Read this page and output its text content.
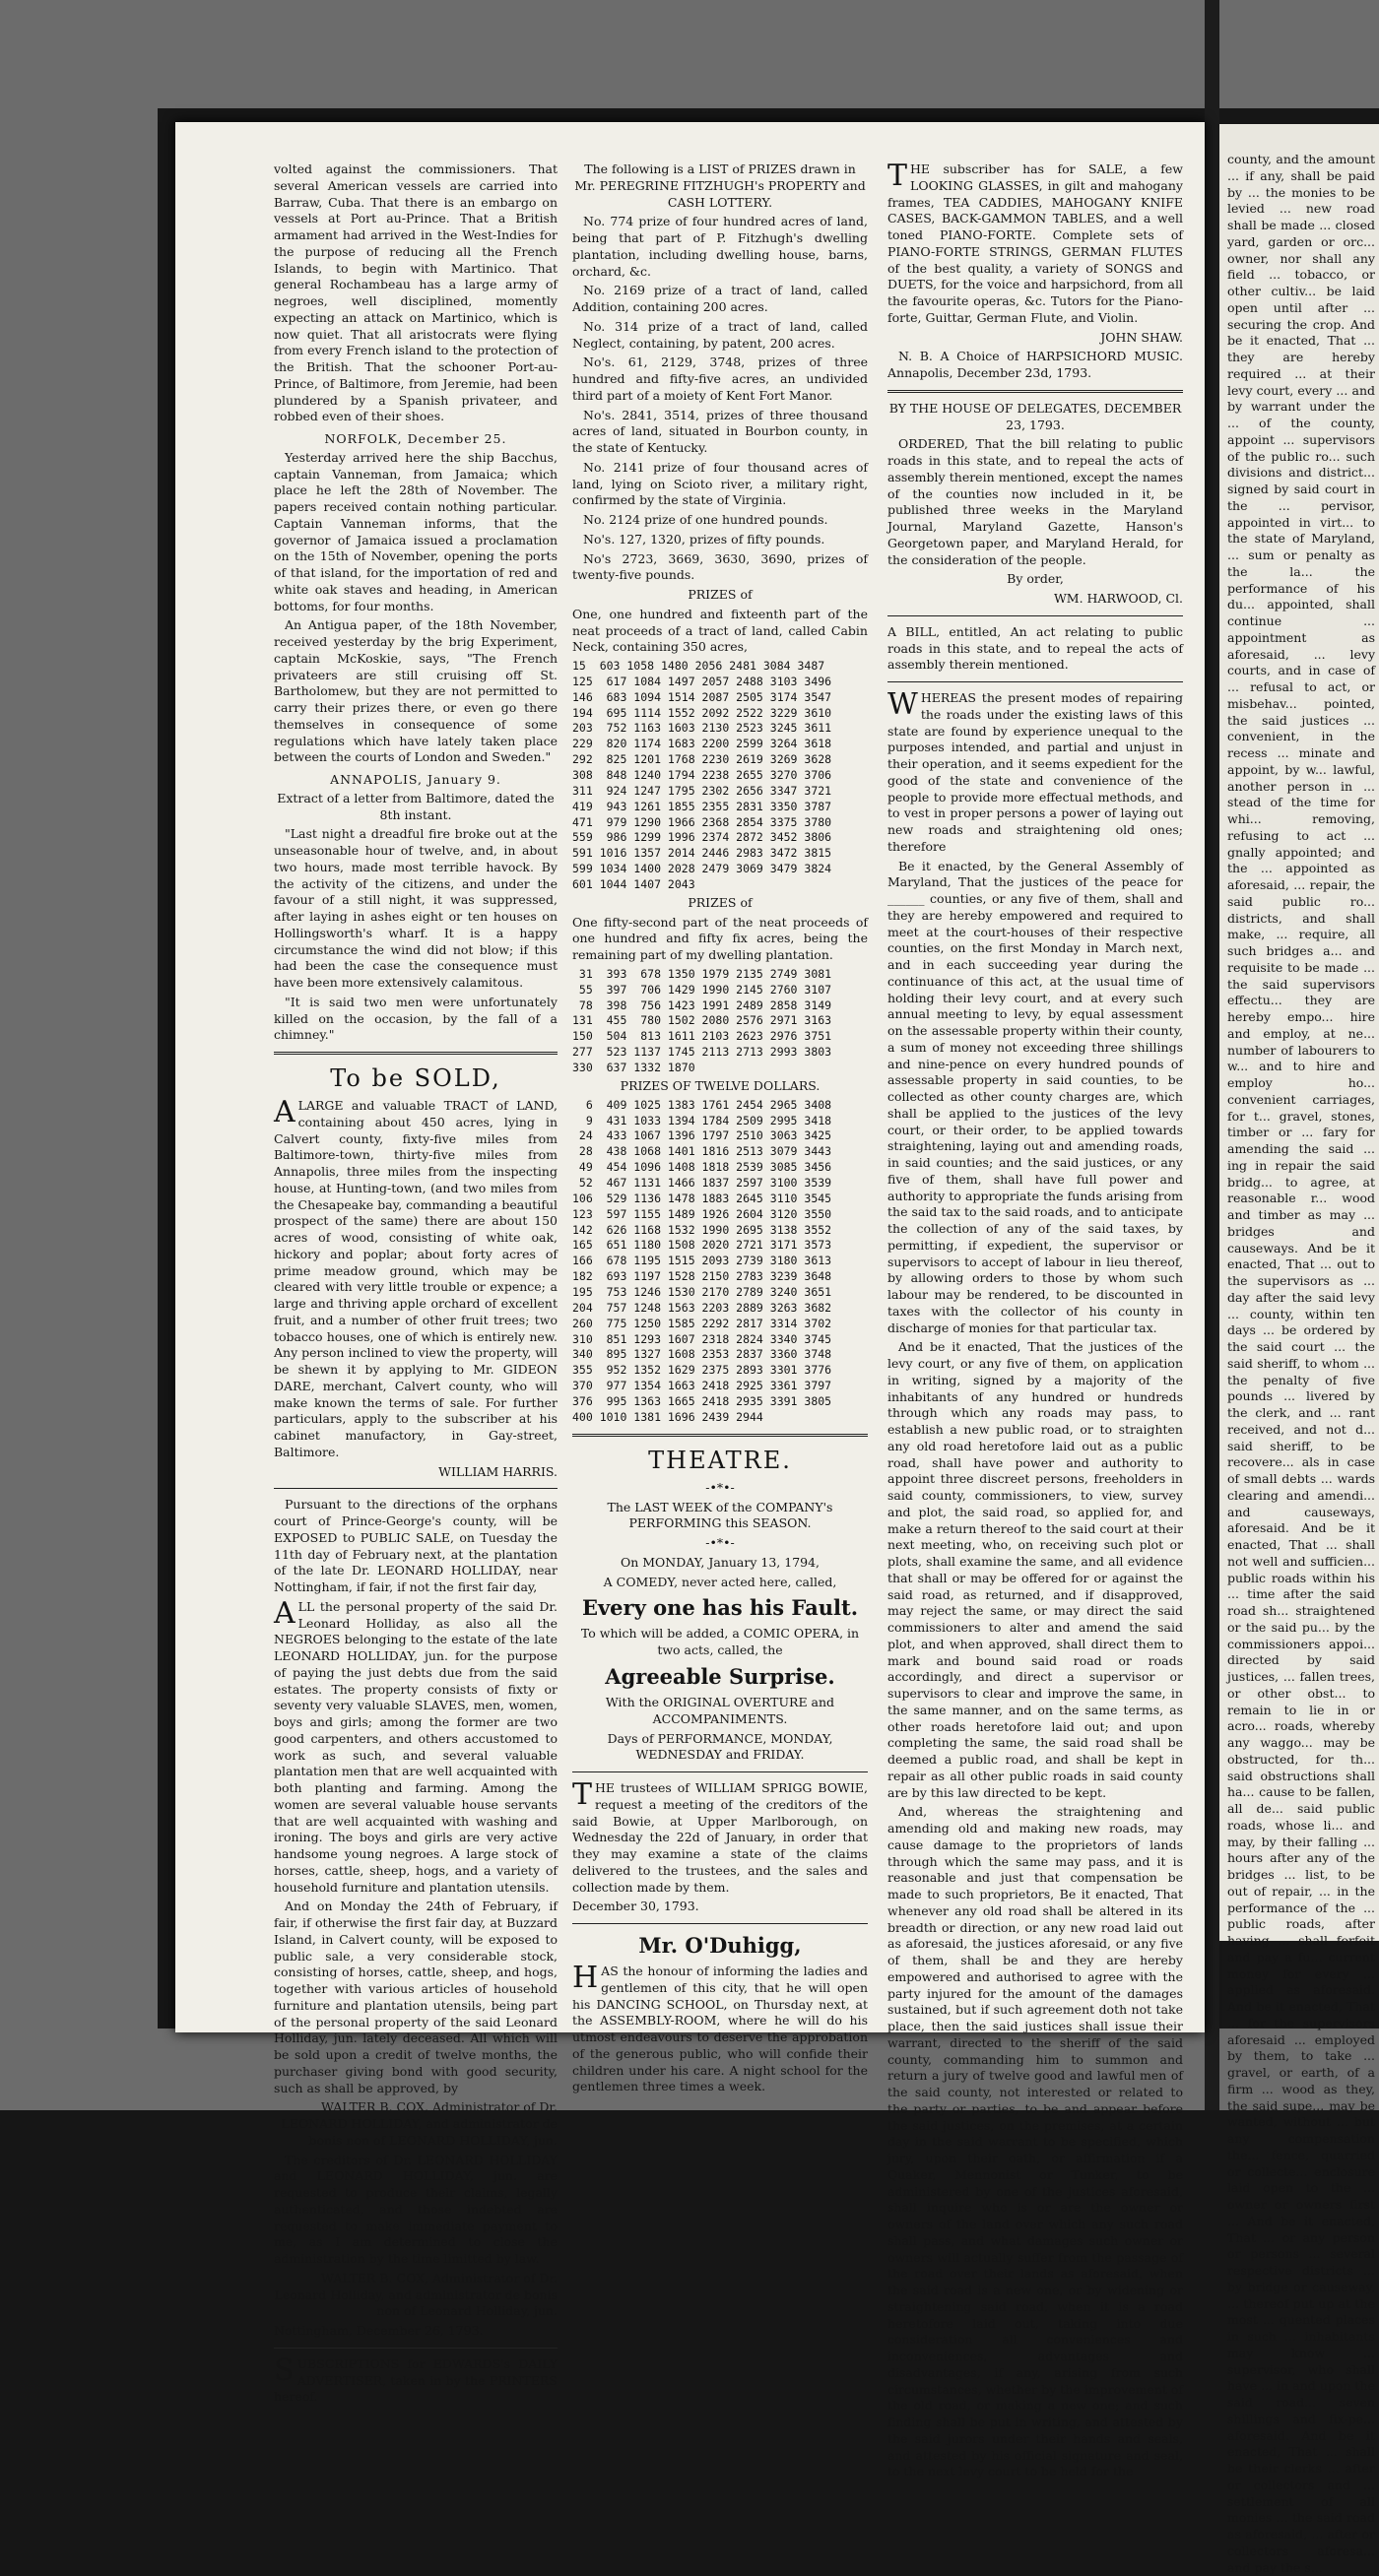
volted against the commissioners. That several American vessels are carried into Barraw, Cuba. That there is an embargo on vessels at Port au-Prince. That a British armament had arrived in the West-Indies for the purpose of reducing all the French Islands, to begin with Martinico. That general Rochambeau has a large army of negroes, well disciplined, momently expecting an attack on Martinico, which is now quiet. That all aristocrats were flying from every French island to the protection of the British. That the schooner Port-au-Prince, of Baltimore, from Jeremie, had been plundered by a Spanish privateer, and robbed even of their shoes.

NORFOLK, December 25.

Yesterday arrived here the ship Bacchus, captain Vanneman, from Jamaica; which place he left the 28th of November. The papers received contain nothing particular. Captain Vanneman informs, that the governor of Jamaica issued a proclamation on the 15th of November, opening the ports of that island, for the importation of red and white oak staves and heading, in American bottoms, for four months.

An Antigua paper, of the 18th November, received yesterday by the brig Experiment, captain McKoskie, says, "The French privateers are still cruising off St. Bartholomew, but they are not permitted to carry their prizes there, or even go there themselves in consequence of some regulations which have lately taken place between the courts of London and Sweden."

ANNAPOLIS, January 9.

Extract of a letter from Baltimore, dated the 8th instant.

"Last night a dreadful fire broke out at the unseasonable hour of twelve, and, in about two hours, made most terrible havock. By the activity of the citizens, and under the favour of a still night, it was suppressed, after laying in ashes eight or ten houses on Hollingsworth's wharf. It is a happy circumstance the wind did not blow; if this had been the case the consequence must have been more extensively calamitous.

"It is said two men were unfortunately killed on the occasion, by the fall of a chimney."

To be SOLD,

ALARGE and valuable TRACT of LAND, containing about 450 acres, lying in Calvert county, fixty-five miles from Baltimore-town, thirty-five miles from Annapolis, three miles from the inspecting house, at Hunting-town, (and two miles from the Chesapeake bay, commanding a beautiful prospect of the same) there are about 150 acres of wood, consisting of white oak, hickory and poplar; about forty acres of prime meadow ground, which may be cleared with very little trouble or expence; a large and thriving apple orchard of excellent fruit, and a number of other fruit trees; two tobacco houses, one of which is entirely new. Any person inclined to view the property, will be shewn it by applying to Mr. GIDEON DARE, merchant, Calvert county, who will make known the terms of sale. For further particulars, apply to the subscriber at his cabinet manufactory, in Gay-street, Baltimore.

WILLIAM HARRIS.

Pursuant to the directions of the orphans court of Prince-George's county, will be EXPOSED to PUBLIC SALE, on Tuesday the 11th day of February next, at the plantation of the late Dr. LEONARD HOLLIDAY, near Nottingham, if fair, if not the first fair day,

ALL the personal property of the said Dr. Leonard Holliday, as also all the NEGROES belonging to the estate of the late LEONARD HOLLIDAY, jun. for the purpose of paying the just debts due from the said estates. The property consists of fixty or seventy very valuable SLAVES, men, women, boys and girls; among the former are two good carpenters, and others accustomed to work as such, and several valuable plantation men that are well acquainted with both planting and farming. Among the women are several valuable house servants that are well acquainted with washing and ironing. The boys and girls are very active handsome young negroes. A large stock of horses, cattle, sheep, hogs, and a variety of household furniture and plantation utensils.

And on Monday the 24th of February, if fair, if otherwise the first fair day, at Buzzard Island, in Calvert county, will be exposed to public sale, a very considerable stock, consisting of horses, cattle, sheep, and hogs, together with various articles of household furniture and plantation utensils, being part of the personal property of the said Leonard Holliday, jun. lately deceased. All which will be sold upon a credit of twelve months, the purchaser giving bond with good security, such as shall be approved, by

WALTER B. COX, Administrator of Dr. LEONARD HOLLIDAY, and administrator de bonis non of LEONARD HOLLIDAY, jun.

The creditors of Dr. LEONARD HOLLIDAY and LEONARD HOLLIDAY, jun. are requested to produce their claims, legally authenticated, and those indebted are requested to make immediate payment to me, as I am determined to close the administration by the time limitted by law.

WALTER B. COX, Administrator of Dr. Leonard Holliday, and administrator de bonis non of Leonard Holliday, jun.

Nottingham, December 26, 1793.

SUBSCRIPTIONS for EDWARDS's DAILY ADVERTISER, taken in by the PRINTERS hereof.

The following is a LIST of PRIZES drawn in Mr. PEREGRINE FITZHUGH's PROPERTY and CASH LOTTERY.

No. 774 prize of four hundred acres of land, being that part of P. Fitzhugh's dwelling plantation, including dwelling house, barns, orchard, &c.

No. 2169 prize of a tract of land, called Addition, containing 200 acres.

No. 314 prize of a tract of land, called Neglect, containing, by patent, 200 acres.

No's. 61, 2129, 3748, prizes of three hundred and fifty-five acres, an undivided third part of a moiety of Kent Fort Manor.

No's. 2841, 3514, prizes of three thousand acres of land, situated in Bourbon county, in the state of Kentucky.

No. 2141 prize of four thousand acres of land, lying on Scioto river, a military right, confirmed by the state of Virginia.

No. 2124 prize of one hundred pounds.

No's. 127, 1320, prizes of fifty pounds.

No's 2723, 3669, 3630, 3690, prizes of twenty-five pounds.

PRIZES of

One, one hundred and fixteenth part of the neat proceeds of a tract of land, called Cabin Neck, containing 350 acres,

15  603 1058 1480 2056 2481 3084 3487
125  617 1084 1497 2057 2488 3103 3496
146  683 1094 1514 2087 2505 3174 3547
194  695 1114 1552 2092 2522 3229 3610
203  752 1163 1603 2130 2523 3245 3611
229  820 1174 1683 2200 2599 3264 3618
292  825 1201 1768 2230 2619 3269 3628
308  848 1240 1794 2238 2655 3270 3706
311  924 1247 1795 2302 2656 3347 3721
419  943 1261 1855 2355 2831 3350 3787
471  979 1290 1966 2368 2854 3375 3780
559  986 1299 1996 2374 2872 3452 3806
591 1016 1357 2014 2446 2983 3472 3815
599 1034 1400 2028 2479 3069 3479 3824
601 1044 1407 2043

PRIZES of

One fifty-second part of the neat proceeds of one hundred and fifty fix acres, being the remaining part of my dwelling plantation.

31  393  678 1350 1979 2135 2749 3081
55  397  706 1429 1990 2145 2760 3107
78  398  756 1423 1991 2489 2858 3149
131  455  780 1502 2080 2576 2971 3163
150  504  813 1611 2103 2623 2976 3751
277  523 1137 1745 2113 2713 2993 3803
330  637 1332 1870

PRIZES OF TWELVE DOLLARS.

6  409 1025 1383 1761 2454 2965 3408
9  431 1033 1394 1784 2509 2995 3418
24  433 1067 1396 1797 2510 3063 3425
28  438 1068 1401 1816 2513 3079 3443
49  454 1096 1408 1818 2539 3085 3456
52  467 1131 1466 1837 2597 3100 3539
106  529 1136 1478 1883 2645 3110 3545
123  597 1155 1489 1926 2604 3120 3550
142  626 1168 1532 1990 2695 3138 3552
165  651 1180 1508 2020 2721 3171 3573
166  678 1195 1515 2093 2739 3180 3613
182  693 1197 1528 2150 2783 3239 3648
195  753 1246 1530 2170 2789 3240 3651
204  757 1248 1563 2203 2889 3263 3682
260  775 1250 1585 2292 2817 3314 3702
310  851 1293 1607 2318 2824 3340 3745
340  895 1327 1608 2353 2837 3360 3748
355  952 1352 1629 2375 2893 3301 3776
370  977 1354 1663 2418 2925 3361 3797
376  995 1363 1665 2418 2935 3391 3805
400 1010 1381 1696 2439 2944

THEATRE.

-•*•-

The LAST WEEK of the COMPANY's PERFORMING this SEASON.

-•*•-

On MONDAY, January 13, 1794,

A COMEDY, never acted here, called,

Every one has his Fault.

To which will be added, a COMIC OPERA, in two acts, called, the

Agreeable Surprise.

With the ORIGINAL OVERTURE and ACCOMPANIMENTS.

Days of PERFORMANCE, MONDAY, WEDNESDAY and FRIDAY.

THE trustees of WILLIAM SPRIGG BOWIE, request a meeting of the creditors of the said Bowie, at Upper Marlborough, on Wednesday the 22d of January, in order that they may examine a state of the claims delivered to the trustees, and the sales and collection made by them.

December 30, 1793.

Mr. O'Duhigg,

HAS the honour of informing the ladies and gentlemen of this city, that he will open his DANCING SCHOOL, on Thursday next, at the ASSEMBLY-ROOM, where he will do his utmost endeavours to deserve the approbation of the generous public, who will confide their children under his care. A night school for the gentlemen three times a week.

THE subscriber has for SALE, a few LOOKING GLASSES, in gilt and mahogany frames, TEA CADDIES, MAHOGANY KNIFE CASES, BACK-GAMMON TABLES, and a well toned PIANO-FORTE. Complete sets of PIANO-FORTE STRINGS, GERMAN FLUTES of the best quality, a variety of SONGS and DUETS, for the voice and harpsichord, from all the favourite operas, &c. Tutors for the Piano-forte, Guittar, German Flute, and Violin.

JOHN SHAW.

N. B. A Choice of HARPSICHORD MUSIC. Annapolis, December 23d, 1793.

BY THE HOUSE OF DELEGATES, DECEMBER 23, 1793.

ORDERED, That the bill relating to public roads in this state, and to repeal the acts of assembly therein mentioned, except the names of the counties now included in it, be published three weeks in the Maryland Journal, Maryland Gazette, Hanson's Georgetown paper, and Maryland Herald, for the consideration of the people.

By order,

WM. HARWOOD, Cl.

A BILL, entitled, An act relating to public roads in this state, and to repeal the acts of assembly therein mentioned.

WHEREAS the present modes of repairing the roads under the existing laws of this state are found by experience unequal to the purposes intended, and partial and unjust in their operation, and it seems expedient for the good of the state and convenience of the people to provide more effectual methods, and to vest in proper persons a power of laying out new roads and straightening old ones; therefore

Be it enacted, by the General Assembly of Maryland, That the justices of the peace for ______ counties, or any five of them, shall and they are hereby empowered and required to meet at the court-houses of their respective counties, on the first Monday in March next, and in each succeeding year during the continuance of this act, at the usual time of holding their levy court, and at every such annual meeting to levy, by equal assessment on the assessable property within their county, a sum of money not exceeding three shillings and nine-pence on every hundred pounds of assessable property in said counties, to be collected as other county charges are, which shall be applied to the justices of the levy court, or their order, to be applied towards straightening, laying out and amending roads, in said counties; and the said justices, or any five of them, shall have full power and authority to appropriate the funds arising from the said tax to the said roads, and to anticipate the collection of any of the said taxes, by permitting, if expedient, the supervisor or supervisors to accept of labour in lieu thereof, by allowing orders to those by whom such labour may be rendered, to be discounted in taxes with the collector of his county in discharge of monies for that particular tax.

And be it enacted, That the justices of the levy court, or any five of them, on application in writing, signed by a majority of the inhabitants of any hundred or hundreds through which any roads may pass, to establish a new public road, or to straighten any old road heretofore laid out as a public road, shall have power and authority to appoint three discreet persons, freeholders in said county, commissioners, to view, survey and plot, the said road, so applied for, and make a return thereof to the said court at their next meeting, who, on receiving such plot or plots, shall examine the same, and all evidence that shall or may be offered for or against the said road, as returned, and if disapproved, may reject the same, or may direct the said commissioners to alter and amend the said plot, and when approved, shall direct them to mark and bound said road or roads accordingly, and direct a supervisor or supervisors to clear and improve the same, in the same manner, and on the same terms, as other roads heretofore laid out; and upon completing the same, the said road shall be deemed a public road, and shall be kept in repair as all other public roads in said county are by this law directed to be kept.

And, whereas the straightening and amending old and making new roads, may cause damage to the proprietors of lands through which the same may pass, and it is reasonable and just that compensation be made to such proprietors, Be it enacted, That whenever any old road shall be altered in its breadth or direction, or any new road laid out as aforesaid, the justices aforesaid, or any five of them, shall be and they are hereby empowered and authorised to agree with the party injured for the amount of the damages sustained, but if such agreement doth not take place, then the said justices shall issue their warrant, directed to the sheriff of the said county, commanding him to summon and return a jury of twelve good and lawful men of the said county, not interested or related to the party or parties, to be and appear before the said justices, on the premises, at a certain day in the said warrant to be specified, which jury, upon their oath, or affirmation if a Quaker, Mennonist or Tunker, to be administered by one of the justices aforesaid, shall inquire who is or are the owner or owners of the land over which any such road shall pass, and what damages such owner or owners will actually suffer from the passage of the road over their lands as aforesaid, when the said road is a new one, or by widening or straightening said road, when it is a road heretofore laid out, taking into due consideration all conveniences and inconveniences, advantages and disadvantages, if any, arising from such circumstances, whether by the improvement of the old road, or making a new one; and such finding shall be put in writing, and attested by the said jurors under their hands and seals, and attested by his official signature and seal, to the next levy court to be held for the

county, and the amount ... if any, shall be paid by ... the monies to be levied ... new road shall be made ... closed yard, garden or orc... owner, nor shall any field ... tobacco, or other cultiv... be laid open until after ... securing the crop. And be it enacted, That ... they are hereby required ... at their levy court, every ... and by warrant under the ... of the county, appoint ... supervisors of the public ro... such divisions and district... signed by said court in the ... pervisor, appointed in virt... to the state of Maryland, ... sum or penalty as the la... the performance of his du... appointed, shall continue ... appointment as aforesaid, ... levy courts, and in case of ... refusal to act, or misbehav... pointed, the said justices ... convenient, in the recess ... minate and appoint, by w... lawful, another person in ... stead of the time for whi... removing, refusing to act ... gnally appointed; and the ... appointed as aforesaid, ... repair, the said public ro... districts, and shall make, ... require, all such bridges a... and requisite to be made ... the said supervisors effectu... they are hereby empo... hire and employ, at ne... number of labourers to w... and to hire and employ ho... convenient carriages, for t... gravel, stones, timber or ... fary for amending the said ... ing in repair the said bridg... to agree, at reasonable r... wood and timber as may ... bridges and causeways. And be it enacted, That ... out to the supervisors as ... day after the said levy ... county, within ten days ... be ordered by the said court ... the said sheriff, to whom ... the penalty of five pounds ... livered by the clerk, and ... rant received, and not d... said sheriff, to be recovere... als in case of small debts ... wards clearing and amendi... and causeways, aforesaid. And be it enacted, That ... shall not well and sufficien... public roads within his ... time after the said road sh... straightened or the said pu... by the commissioners appoi... directed by said justices, ... fallen trees, or other obst... to remain to lie in or acro... roads, whereby any waggo... may be obstructed, for th... said obstructions shall ha... cause to be fallen, all de... said public roads, whose li... and may, by their falling ... hours after any of the bridges ... list, to be out of repair, ... in the performance of the ... public roads, after having ... shall forfeit and pay a fu... current money for every ... applied as aforesaid. And be it enacted, That ... for the supervisors aforesaid ... employed by them, to take ... gravel, or earth, of a firm ... wood as they, the said supe... may be wanted, without ... but any compensation the... fence, quarried or collecte... enclosure laid open to the ... owner or owners first ... And be it enacted, That ... or any person or persons ... several respective districts ... by bridge or causeway, ... thereof put up at the most ... quented places in such ... inhabitants may know ... supervisor, who shall have ... in and upon the said road... seven shillings and fix-pe... aforesaid. And be it enacted, That ... shall be their clerks ... after or collectors and ... settlement of all monies ... the said road as aforesaid, ... after or collectors aforesa... and pay the s...
